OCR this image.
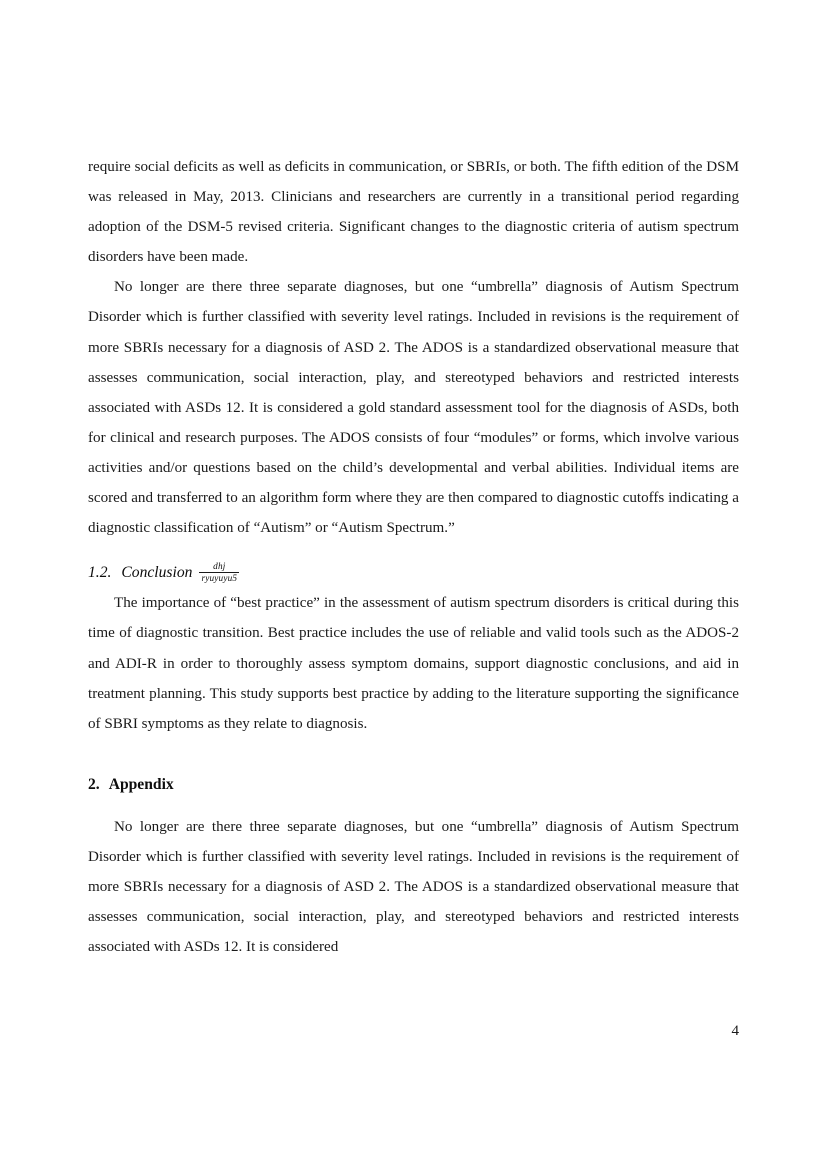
require social deficits as well as deficits in communication, or SBRIs, or both. The fifth edition of the DSM was released in May, 2013. Clinicians and researchers are currently in a transitional period regarding adoption of the DSM-5 revised criteria. Significant changes to the diagnostic criteria of autism spectrum disorders have been made.

No longer are there three separate diagnoses, but one “umbrella” diagnosis of Autism Spectrum Disorder which is further classified with severity level ratings. Included in revisions is the requirement of more SBRIs necessary for a diagnosis of ASD 2. The ADOS is a standardized observational measure that assesses communication, social interaction, play, and stereotyped behaviors and restricted interests associated with ASDs 12. It is considered a gold standard assessment tool for the diagnosis of ASDs, both for clinical and research purposes. The ADOS consists of four “modules” or forms, which involve various activities and/or questions based on the child’s developmental and verbal abilities. Individual items are scored and transferred to an algorithm form where they are then compared to diagnostic cutoffs indicating a diagnostic classification of “Autism” or “Autism Spectrum.”

1.2. Conclusion $\frac{\text{dhj}}{\text{ryuyuyu5}}$

The importance of “best practice” in the assessment of autism spectrum disorders is critical during this time of diagnostic transition. Best practice includes the use of reliable and valid tools such as the ADOS-2 and ADI-R in order to thoroughly assess symptom domains, support diagnostic conclusions, and aid in treatment planning. This study supports best practice by adding to the literature supporting the significance of SBRI symptoms as they relate to diagnosis.

2. Appendix

No longer are there three separate diagnoses, but one “umbrella” diagnosis of Autism Spectrum Disorder which is further classified with severity level ratings. Included in revisions is the requirement of more SBRIs necessary for a diagnosis of ASD 2. The ADOS is a standardized observational measure that assesses communication, social interaction, play, and stereotyped behaviors and restricted interests associated with ASDs 12. It is considered

4
